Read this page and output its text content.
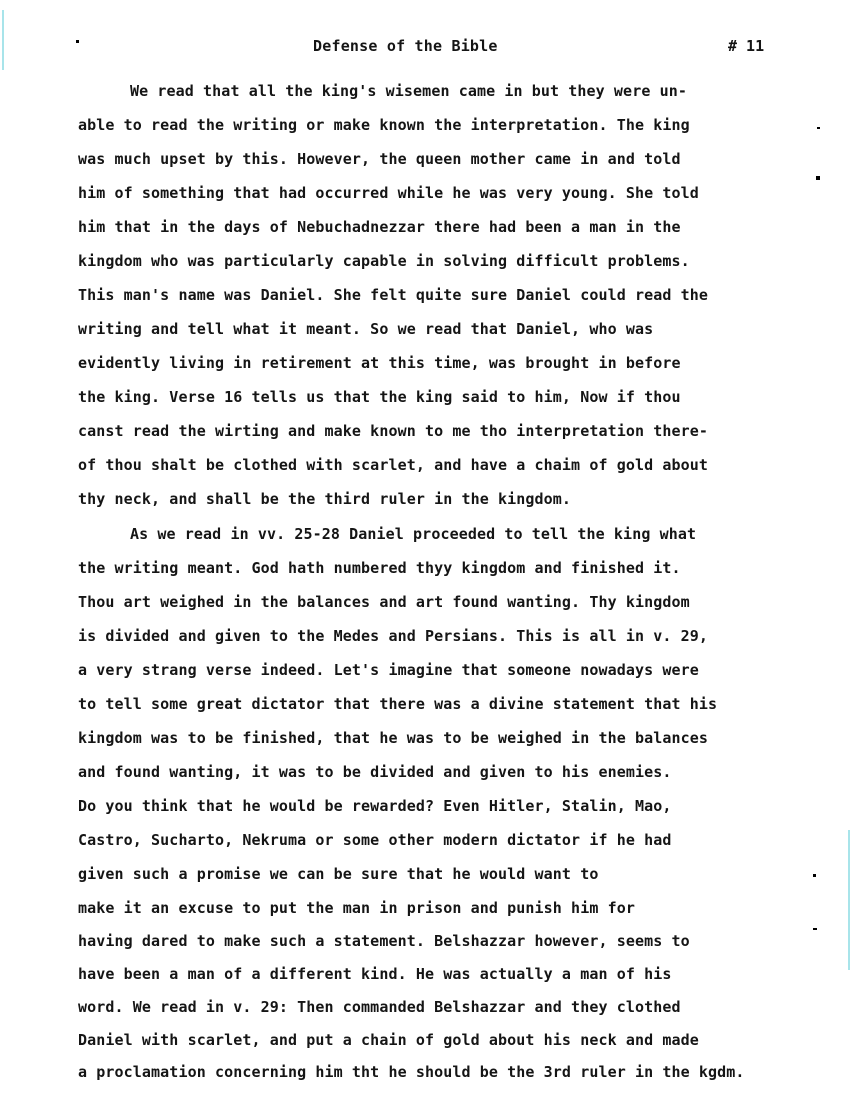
Defense of the Bible	# 11
We read that all the king's wisemen came in but they were un-
able to read the writing or make known the interpretation. The king
was much upset by this. However, the queen mother came in and told
him of something that had occurred while he was very young. She told
him that in the days of Nebuchadnezzar there had been a man in the
kingdom who was particularly capable in solving difficult problems.
This man's name was Daniel. She felt quite sure Daniel could read the
writing and tell what it meant. So we read that Daniel, who was
evidently living in retirement at this time, was brought in before
the king. Verse 16 tells us that the king said to him, Now if thou
canst read the wirting and make known to me tho interpretation there-
of thou shalt be clothed with scarlet, and have a chaim of gold about
thy neck, and shall be the third ruler in the kingdom.
As we read in vv. 25-28 Daniel proceeded to tell the king what
the writing meant. God hath numbered thyy kingdom and finished it.
Thou art weighed in the balances and art found wanting. Thy kingdom
is divided and given to the Medes and Persians. This is all in v. 29,
a very strang verse indeed. Let's imagine that someone nowadays were
to tell some great dictator that there was a divine statement that his
kingdom was to be finished, that he was to be weighed in the balances
and found wanting, it was to be divided and given to his enemies.
Do you think that he would be rewarded? Even Hitler, Stalin, Mao,
Castro, Sucharto, Nekruma or some other modern dictator if he had
given such a promise we can be sure that he would want to
make it an excuse to put the man in prison and punish him for
having dared to make such a statement. Belshazzar however, seems to
have been a man of a different kind. He was actually a man of his
word. We read in v. 29: Then commanded Belshazzar and they clothed
Daniel with scarlet, and put a chain of gold about his neck and made
a proclamation concerning him tht he should be the 3rd ruler in the kgdm.
